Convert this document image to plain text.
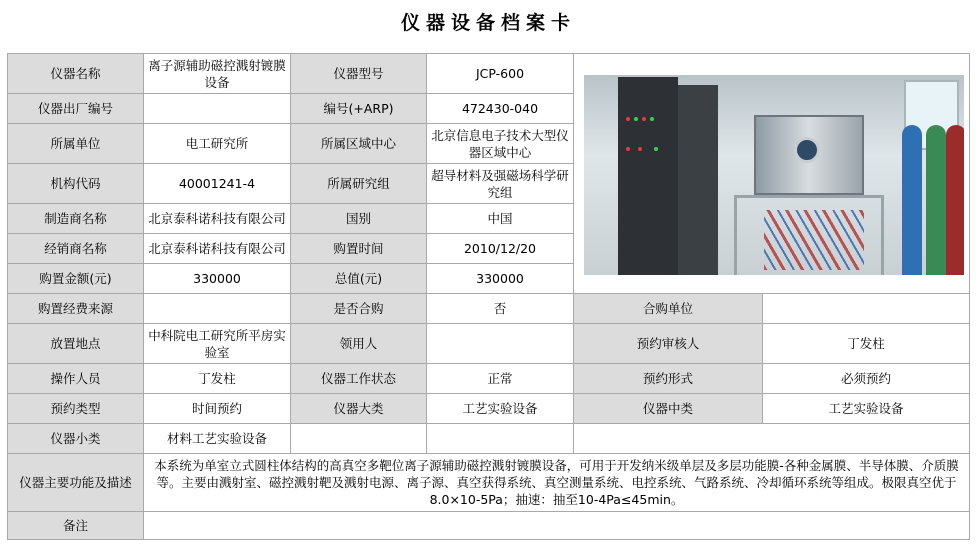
仪器设备档案卡
仪器名称	离子源辅助磁控溅射镀膜设备	仪器型号	JCP-600		

仪器出厂编号		编号(+ARP)	472430-040		
所属单位	电工研究所	所属区域中心	北京信息电子技术大型仪器区域中心		
机构代码	40001241-4	所属研究组	超导材料及强磁场科学研究组		
制造商名称	北京泰科诺科技有限公司	国别	中国		
经销商名称	北京泰科诺科技有限公司	购置时间	2010/12/20		
购置金额(元)	330000	总值(元)	330000		
购置经费来源		是否合购	否	合购单位	
放置地点	中科院电工研究所平房实验室	领用人		预约审核人	丁发柱
操作人员	丁发柱	仪器工作状态	正常	预约形式	必须预约
预约类型	时间预约	仪器大类	工艺实验设备	仪器中类	工艺实验设备
仪器小类	材料工艺实验设备				
仪器主要功能及描述	本系统为单室立式圆柱体结构的高真空多靶位离子源辅助磁控溅射镀膜设备，可用于开发纳米级单层及多层功能膜-各种金属膜、半导体膜、介质膜等。主要由溅射室、磁控溅射靶及溅射电源、离子源、真空获得系统、真空测量系统、电控系统、气路系统、冷却循环系统等组成。极限真空优于8.0×10-5Pa；抽速：抽至10-4Pa≤45min。				
备注					
